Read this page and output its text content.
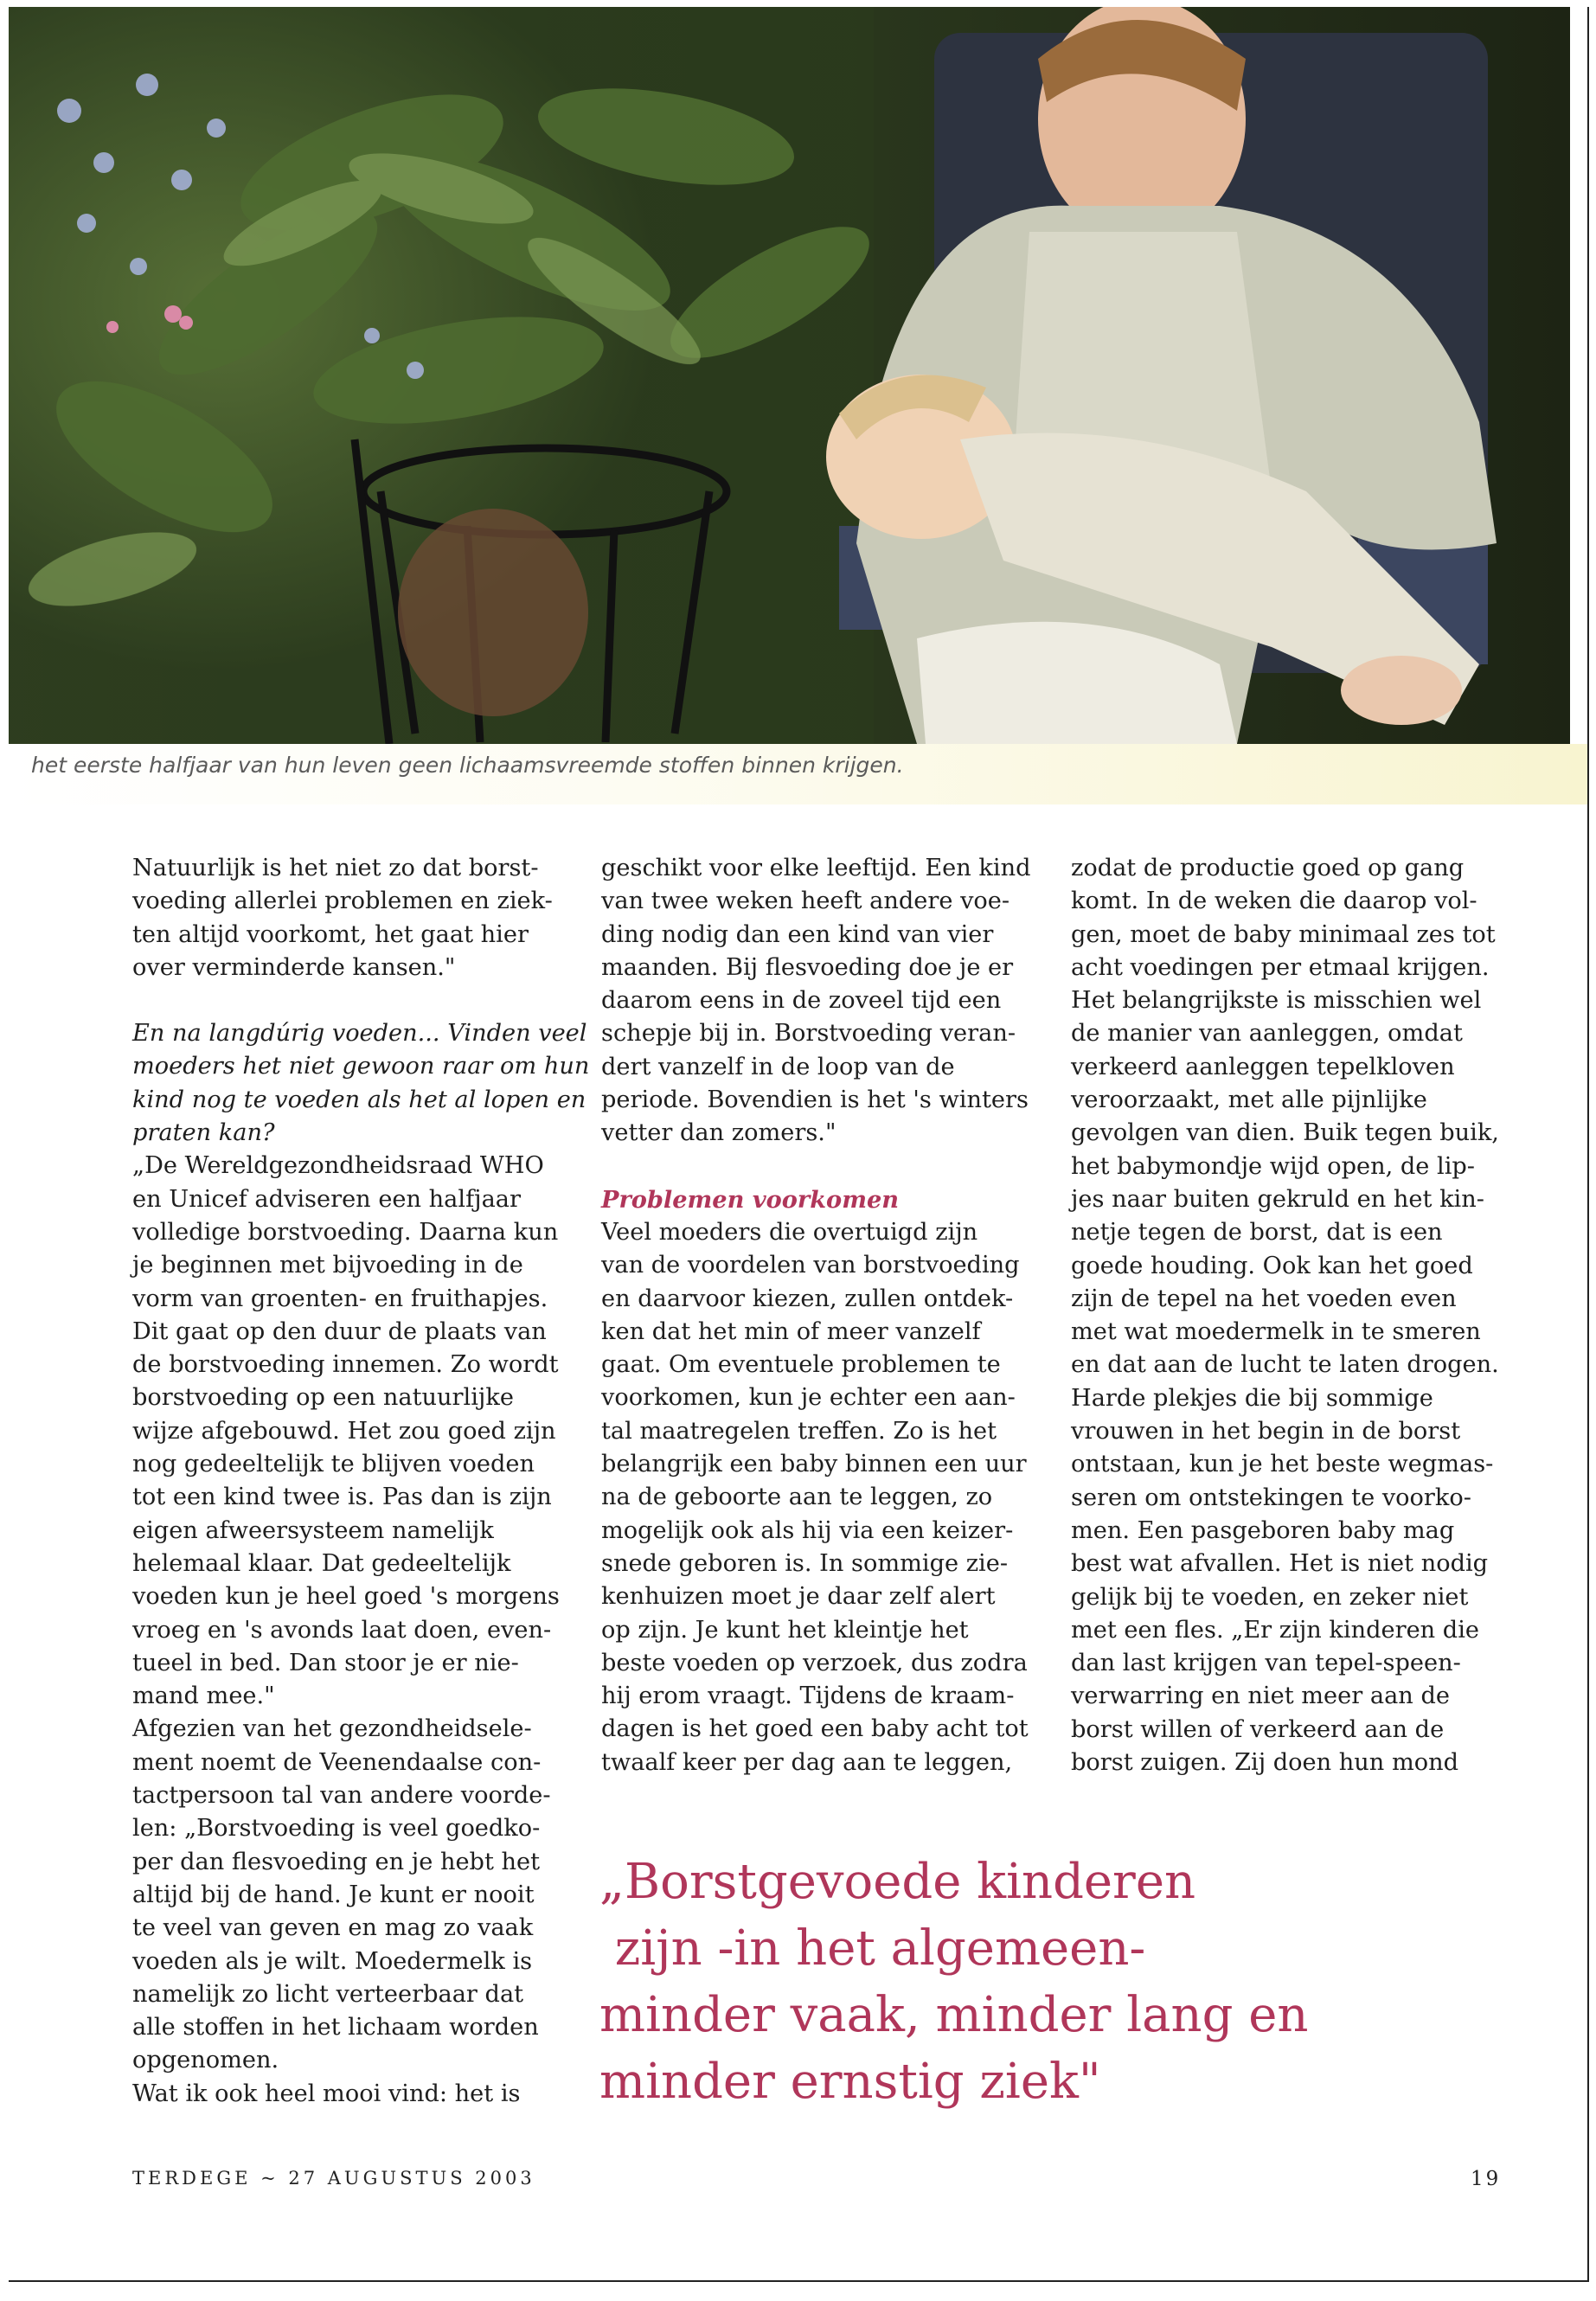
het eerste halfjaar van hun leven geen lichaamsvreemde stoffen binnen krijgen.

Natuurlijk is het niet zo dat borst-
voeding allerlei problemen en ziek-
ten altijd voorkomt, het gaat hier
over verminderde kansen."

En na langdúrig voeden... Vinden veel
moeders het niet gewoon raar om hun
kind nog te voeden als het al lopen en
praten kan?

„De Wereldgezondheidsraad WHO
en Unicef adviseren een halfjaar
volledige borstvoeding. Daarna kun
je beginnen met bijvoeding in de
vorm van groenten- en fruithapjes.
Dit gaat op den duur de plaats van
de borstvoeding innemen. Zo wordt
borstvoeding op een natuurlijke
wijze afgebouwd. Het zou goed zijn
nog gedeeltelijk te blijven voeden
tot een kind twee is. Pas dan is zijn
eigen afweersysteem namelijk
helemaal klaar. Dat gedeeltelijk
voeden kun je heel goed 's morgens
vroeg en 's avonds laat doen, even-
tueel in bed. Dan stoor je er nie-
mand mee."
Afgezien van het gezondheidsele-
ment noemt de Veenendaalse con-
tactpersoon tal van andere voorde-
len: „Borstvoeding is veel goedko-
per dan flesvoeding en je hebt het
altijd bij de hand. Je kunt er nooit
te veel van geven en mag zo vaak
voeden als je wilt. Moedermelk is
namelijk zo licht verteerbaar dat
alle stoffen in het lichaam worden
opgenomen.
Wat ik ook heel mooi vind: het is

geschikt voor elke leeftijd. Een kind
van twee weken heeft andere voe-
ding nodig dan een kind van vier
maanden. Bij flesvoeding doe je er
daarom eens in de zoveel tijd een
schepje bij in. Borstvoeding veran-
dert vanzelf in de loop van de
periode. Bovendien is het 's winters
vetter dan zomers."

Problemen voorkomen

Veel moeders die overtuigd zijn
van de voordelen van borstvoeding
en daarvoor kiezen, zullen ontdek-
ken dat het min of meer vanzelf
gaat. Om eventuele problemen te
voorkomen, kun je echter een aan-
tal maatregelen treffen. Zo is het
belangrijk een baby binnen een uur
na de geboorte aan te leggen, zo
mogelijk ook als hij via een keizer-
snede geboren is. In sommige zie-
kenhuizen moet je daar zelf alert
op zijn. Je kunt het kleintje het
beste voeden op verzoek, dus zodra
hij erom vraagt. Tijdens de kraam-
dagen is het goed een baby acht tot
twaalf keer per dag aan te leggen,

zodat de productie goed op gang
komt. In de weken die daarop vol-
gen, moet de baby minimaal zes tot
acht voedingen per etmaal krijgen.
Het belangrijkste is misschien wel
de manier van aanleggen, omdat
verkeerd aanleggen tepelkloven
veroorzaakt, met alle pijnlijke
gevolgen van dien. Buik tegen buik,
het babymondje wijd open, de lip-
jes naar buiten gekruld en het kin-
netje tegen de borst, dat is een
goede houding. Ook kan het goed
zijn de tepel na het voeden even
met wat moedermelk in te smeren
en dat aan de lucht te laten drogen.
Harde plekjes die bij sommige
vrouwen in het begin in de borst
ontstaan, kun je het beste wegmas-
seren om ontstekingen te voorko-
men. Een pasgeboren baby mag
best wat afvallen. Het is niet nodig
gelijk bij te voeden, en zeker niet
met een fles. „Er zijn kinderen die
dan last krijgen van tepel-speen-
verwarring en niet meer aan de
borst willen of verkeerd aan de
borst zuigen. Zij doen hun mond

„Borstgevoede kinderen
zijn -in het algemeen-
minder vaak, minder lang en
minder ernstig ziek"

TERDEGE ~ 27 AUGUSTUS 2003	19
